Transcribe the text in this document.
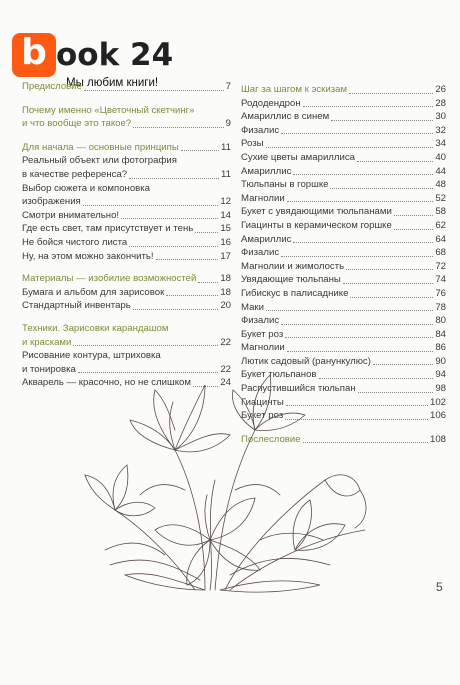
b ook 24
Мы любим книги!
Предисловие	7
Почему именно «Цветочный скетчинг»
и что вообще это такое?	9
Для начала — основные принципы	11
Реальный объект или фотография
в качестве референса?	11
Выбор сюжета и компоновка
изображения	12
Смотри внимательно!	14
Где есть свет, там присутствует и тень	15
Не бойся чистого листа	16
Ну, на этом можно закончить!	17
Материалы — изобилие возможностей 18
Бумага и альбом для зарисовок	18
Стандартный инвентарь	20
Техники. Зарисовки карандашом
и красками	22
Рисование контура, штриховка
и тонировка	22
Акварель — красочно, но не слишком	24
Шаг за шагом к эскизам	26
Рододендрон	28
Амариллис в синем	30
Физалис	32
Розы	34
Сухие цветы амариллиса	40
Амариллис	44
Тюльпаны в горшке	48
Магнолии	52
Букет с увядающими тюльпанами	58
Гиацинты в керамическом горшке	62
Амариллис	64
Физалис	68
Магнолии и жимолость	72
Увядающие тюльпаны	74
Гибискус в палисаднике	76
Маки	78
Физалис	80
Букет роз	84
Магнолии	86
Лютик садовый (ранункулюс)	90
Букет тюльпанов	94
Распустившийся тюльпан	98
Гиацинты	102
Букет роз	106
Послесловие	108
5
